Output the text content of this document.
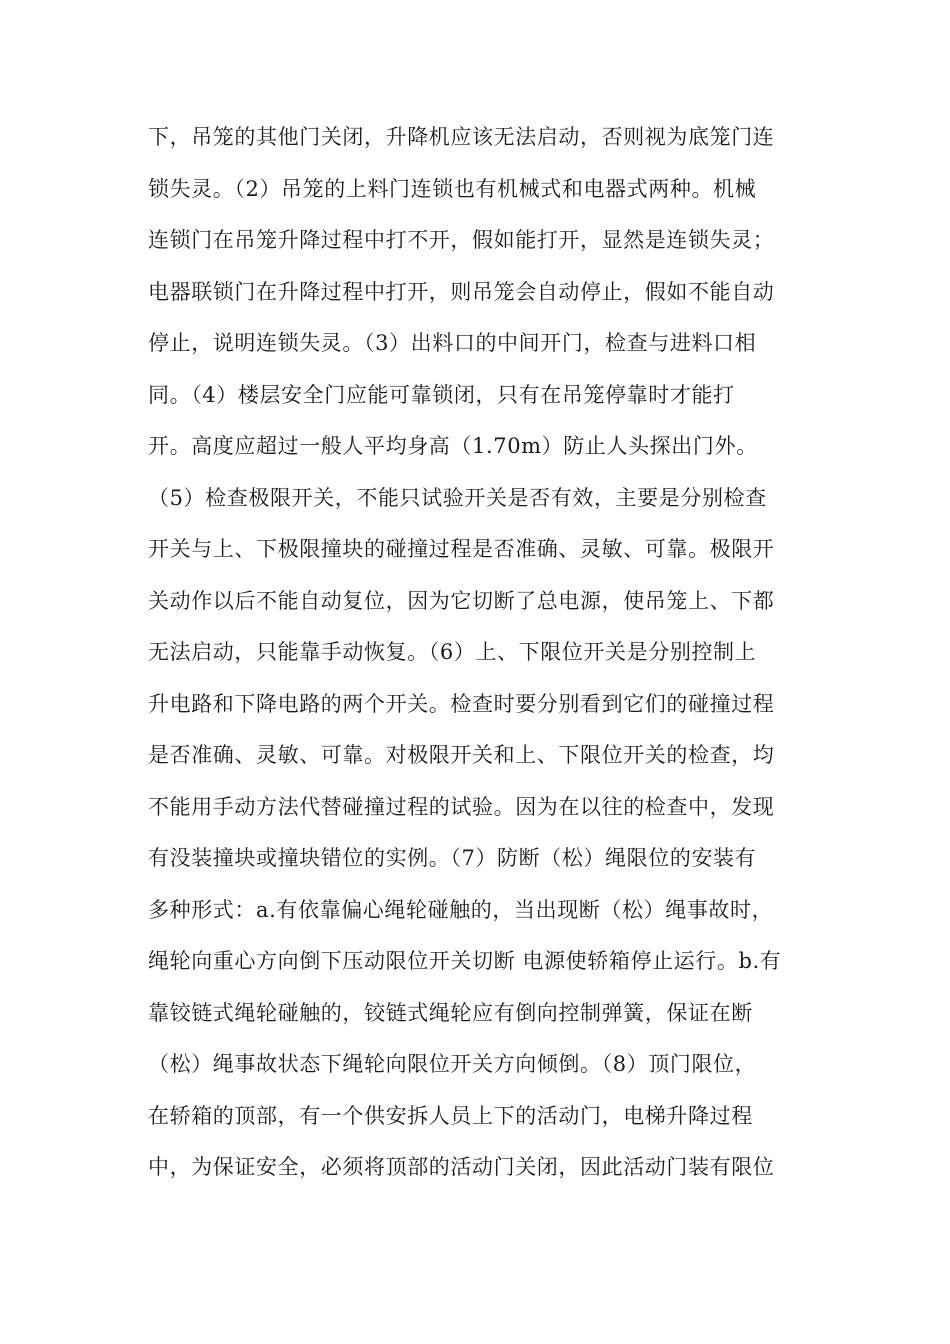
下，吊笼的其他门关闭，升降机应该无法启动，否则视为底笼门连
锁失灵。（2）吊笼的上料门连锁也有机械式和电器式两种。机械
连锁门在吊笼升降过程中打不开，假如能打开，显然是连锁失灵；
电器联锁门在升降过程中打开，则吊笼会自动停止，假如不能自动
停止，说明连锁失灵。（3）出料口的中间开门，检查与进料口相
同。（4）楼层安全门应能可靠锁闭，只有在吊笼停靠时才能打
开。高度应超过一般人平均身高（1.70m）防止人头探出门外。
（5）检查极限开关，不能只试验开关是否有效，主要是分别检查
开关与上、下极限撞块的碰撞过程是否准确、灵敏、可靠。极限开
关动作以后不能自动复位，因为它切断了总电源，使吊笼上、下都
无法启动，只能靠手动恢复。（6）上、下限位开关是分别控制上
升电路和下降电路的两个开关。检查时要分别看到它们的碰撞过程
是否准确、灵敏、可靠。对极限开关和上、下限位开关的检查，均
不能用手动方法代替碰撞过程的试验。因为在以往的检查中，发现
有没装撞块或撞块错位的实例。（7）防断（松）绳限位的安装有
多种形式：a.有依靠偏心绳轮碰触的，当出现断（松）绳事故时，
绳轮向重心方向倒下压动限位开关切断 电源使轿箱停止运行。b.有
靠铰链式绳轮碰触的，铰链式绳轮应有倒向控制弹簧，保证在断
（松）绳事故状态下绳轮向限位开关方向倾倒。（8）顶门限位，
在轿箱的顶部，有一个供安拆人员上下的活动门，电梯升降过程
中，为保证安全，必须将顶部的活动门关闭，因此活动门装有限位
